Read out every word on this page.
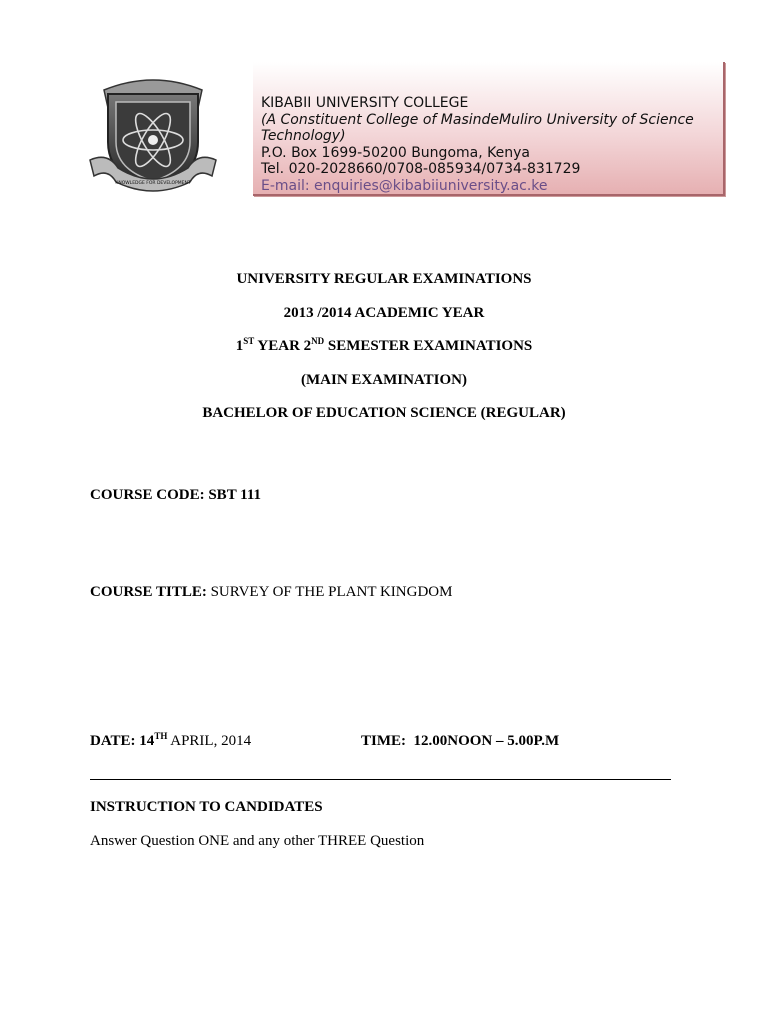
KNOWLEDGE FOR DEVELOPMENT
KIBABII UNIVERSITY COLLEGE
(A Constituent College of MasindeMuliro University of Science Technology)
P.O. Box 1699-50200 Bungoma, Kenya
Tel. 020-2028660/0708-085934/0734-831729
E-mail: enquiries@kibabiiuniversity.ac.ke
UNIVERSITY REGULAR EXAMINATIONS
2013 /2014 ACADEMIC YEAR
1ST YEAR 2ND SEMESTER EXAMINATIONS
(MAIN EXAMINATION)
BACHELOR OF EDUCATION SCIENCE (REGULAR)
COURSE CODE: SBT 111
COURSE TITLE: SURVEY OF THE PLANT KINGDOM
DATE: 14TH APRIL, 2014	TIME: 12.00NOON – 5.00P.M
INSTRUCTION TO CANDIDATES
Answer Question ONE and any other THREE Question
